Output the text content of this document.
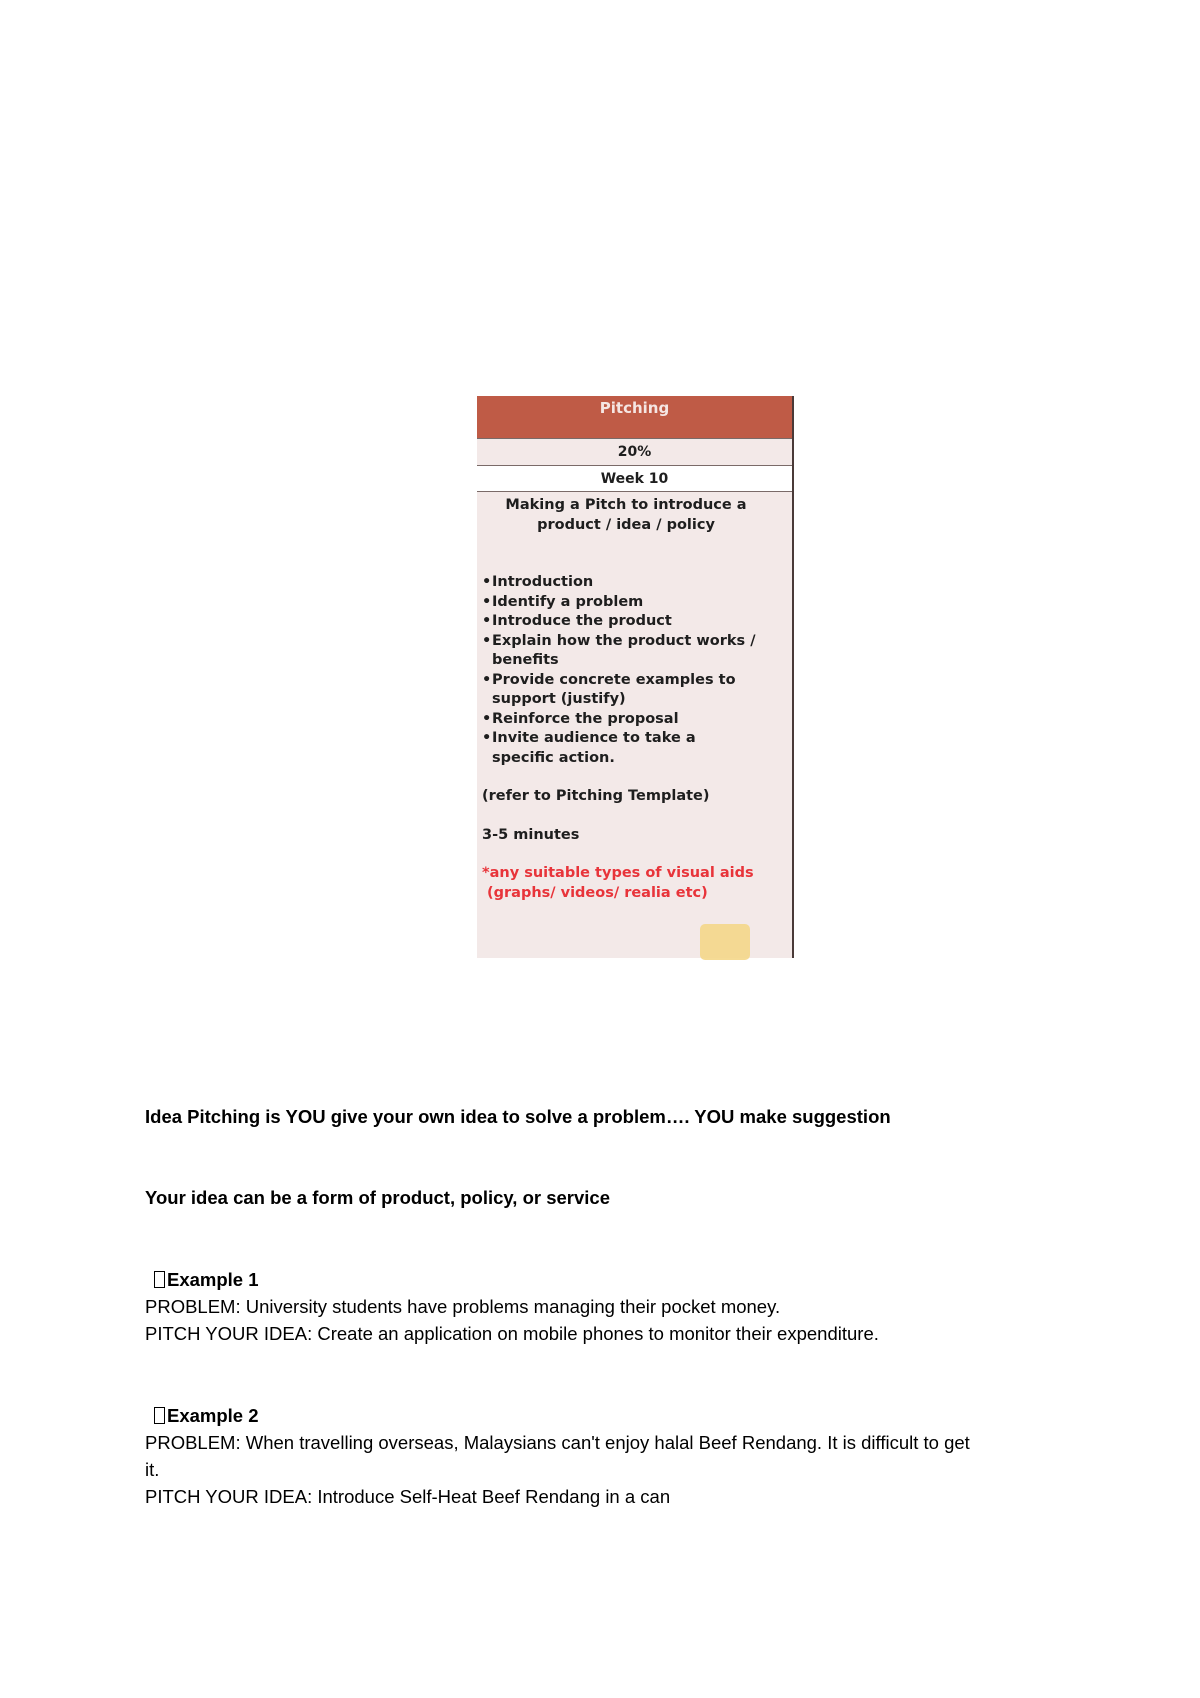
Pitching
20%
Week 10

Making a Pitch to introduce a
product / idea / policy

• Introduction
• Identify a problem
• Introduce the product
• Explain how the product works /
benefits
• Provide concrete examples to
support (justify)
• Reinforce the proposal
• Invite audience to take a
specific action.

(refer to Pitching Template)

3-5 minutes

*any suitable types of visual aids
(graphs/ videos/ realia etc)

Idea Pitching is YOU give your own idea to solve a problem…. YOU make suggestion

Your idea can be a form of product, policy, or service

Example 1

PROBLEM: University students have problems managing their pocket money.

PITCH YOUR IDEA: Create an application on mobile phones to monitor their expenditure.

Example 2

PROBLEM: When travelling overseas, Malaysians can't enjoy halal Beef Rendang. It is difficult to get

it.

PITCH YOUR IDEA: Introduce Self-Heat Beef Rendang in a can
